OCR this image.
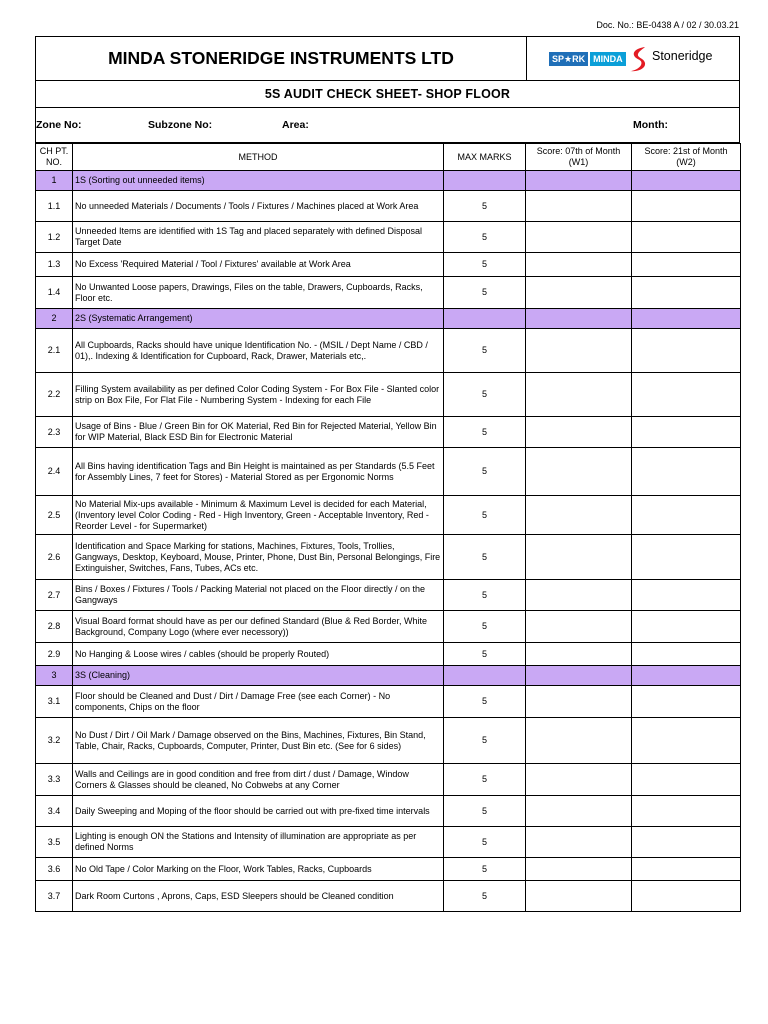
Doc. No.: BE-0438 A / 02 / 30.03.21
MINDA STONERIDGE INSTRUMENTS LTD	SP★RK MINDA Stoneridge
5S AUDIT CHECK SHEET- SHOP FLOOR
Zone No:	Subzone No:	Area:	Month:
CH PT. NO.	METHOD	MAX MARKS	Score: 07th of Month (W1)	Score: 21st of Month (W2)
1	1S (Sorting out unneeded items)			
1.1	No unneeded Materials / Documents / Tools / Fixtures / Machines placed at Work Area	5		
1.2	Unneeded Items are identified with 1S Tag and placed separately with defined Disposal Target Date	5		
1.3	No Excess 'Required Material / Tool / Fixtures' available at Work Area	5		
1.4	No Unwanted Loose papers, Drawings, Files on the table, Drawers, Cupboards, Racks, Floor etc.	5		
2	2S (Systematic Arrangement)			
2.1	All Cupboards, Racks should have unique Identification No. - (MSIL / Dept Name / CBD / 01),. Indexing & Identification for Cupboard, Rack, Drawer, Materials etc,.	5		
2.2	Filling System availability as per defined Color Coding System - For Box File - Slanted color strip on Box File, For Flat File - Numbering System - Indexing for each File	5		
2.3	Usage of Bins - Blue / Green Bin for OK Material, Red Bin for Rejected Material, Yellow Bin for WIP Material, Black ESD Bin for Electronic Material	5		
2.4	All Bins having identification Tags and Bin Height is maintained as per Standards (5.5 Feet for Assembly Lines, 7 feet for Stores) - Material Stored as per Ergonomic Norms	5		
2.5	No Material Mix-ups available - Minimum & Maximum Level is decided for each Material, (Inventory level Color Coding - Red - High Inventory, Green - Acceptable Inventory, Red - Reorder Level - for Supermarket)	5		
2.6	Identification and Space Marking for stations, Machines, Fixtures, Tools, Trollies, Gangways, Desktop, Keyboard, Mouse, Printer, Phone, Dust Bin, Personal Belongings, Fire Extinguisher, Switches, Fans, Tubes, ACs etc.	5		
2.7	Bins / Boxes / Fixtures / Tools / Packing Material not placed on the Floor directly / on the Gangways	5		
2.8	Visual Board format should have as per our defined Standard (Blue & Red Border, White Background, Company Logo (where ever necessory))	5		
2.9	No Hanging & Loose wires / cables (should be properly Routed)	5		
3	3S (Cleaning)			
3.1	Floor should be Cleaned and Dust / Dirt / Damage Free (see each Corner) - No components, Chips on the floor	5		
3.2	No Dust / Dirt / Oil Mark / Damage observed on the Bins, Machines, Fixtures, Bin Stand, Table, Chair, Racks, Cupboards, Computer, Printer, Dust Bin etc. (See for 6 sides)	5		
3.3	Walls and Ceilings are in good condition and free from dirt / dust / Damage, Window Corners & Glasses should be cleaned, No Cobwebs at any Corner	5		
3.4	Daily Sweeping and Moping of the floor should be carried out with pre-fixed time intervals	5		
3.5	Lighting is enough ON the Stations and Intensity of illumination are appropriate as per defined Norms	5		
3.6	No Old Tape / Color Marking on the Floor, Work Tables, Racks, Cupboards	5		
3.7	Dark Room Curtons , Aprons, Caps, ESD Sleepers should be Cleaned condition	5		
